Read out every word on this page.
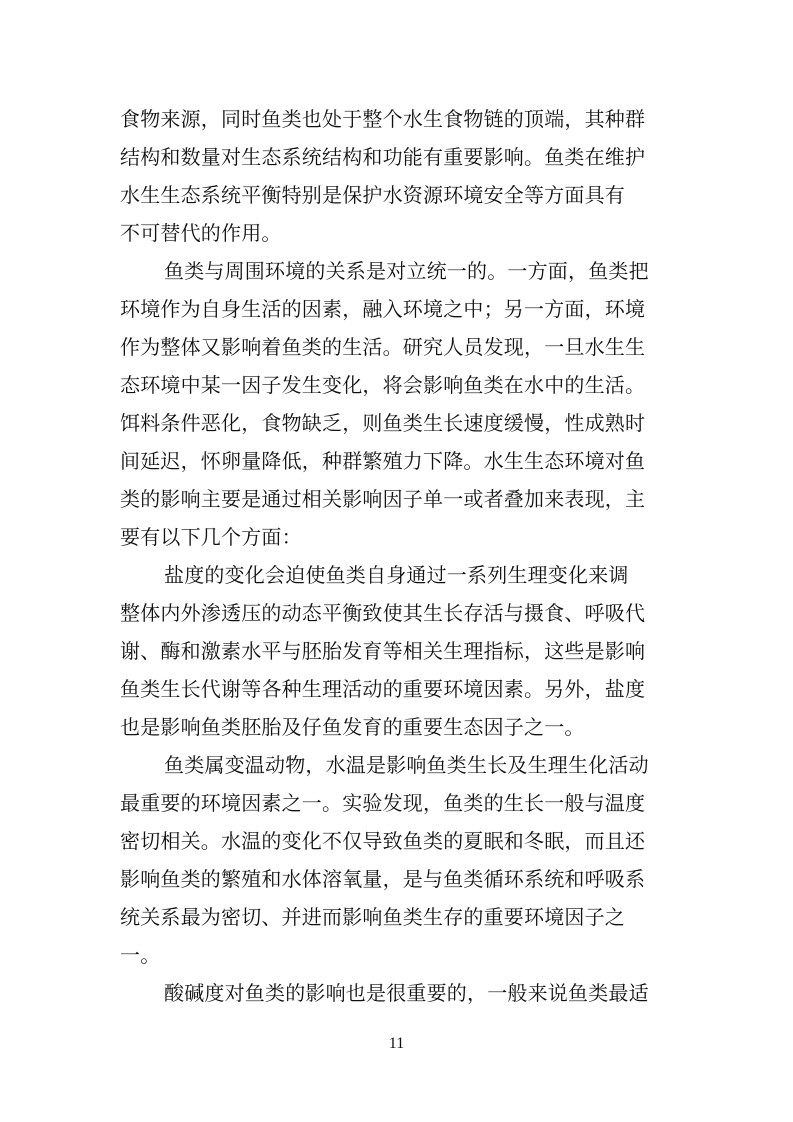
食物来源，同时鱼类也处于整个水生食物链的顶端，其种群
结构和数量对生态系统结构和功能有重要影响。鱼类在维护
水生生态系统平衡特别是保护水资源环境安全等方面具有
不可替代的作用。
鱼类与周围环境的关系是对立统一的。一方面，鱼类把
环境作为自身生活的因素，融入环境之中；另一方面，环境
作为整体又影响着鱼类的生活。研究人员发现，一旦水生生
态环境中某一因子发生变化，将会影响鱼类在水中的生活。
饵料条件恶化，食物缺乏，则鱼类生长速度缓慢，性成熟时
间延迟，怀卵量降低，种群繁殖力下降。水生生态环境对鱼
类的影响主要是通过相关影响因子单一或者叠加来表现，主
要有以下几个方面：
盐度的变化会迫使鱼类自身通过一系列生理变化来调
整体内外渗透压的动态平衡致使其生长存活与摄食、呼吸代
谢、酶和激素水平与胚胎发育等相关生理指标，这些是影响
鱼类生长代谢等各种生理活动的重要环境因素。另外，盐度
也是影响鱼类胚胎及仔鱼发育的重要生态因子之一。
鱼类属变温动物，水温是影响鱼类生长及生理生化活动
最重要的环境因素之一。实验发现，鱼类的生长一般与温度
密切相关。水温的变化不仅导致鱼类的夏眠和冬眠，而且还
影响鱼类的繁殖和水体溶氧量，是与鱼类循环系统和呼吸系
统关系最为密切、并进而影响鱼类生存的重要环境因子之
一。
酸碱度对鱼类的影响也是很重要的，一般来说鱼类最适
11
